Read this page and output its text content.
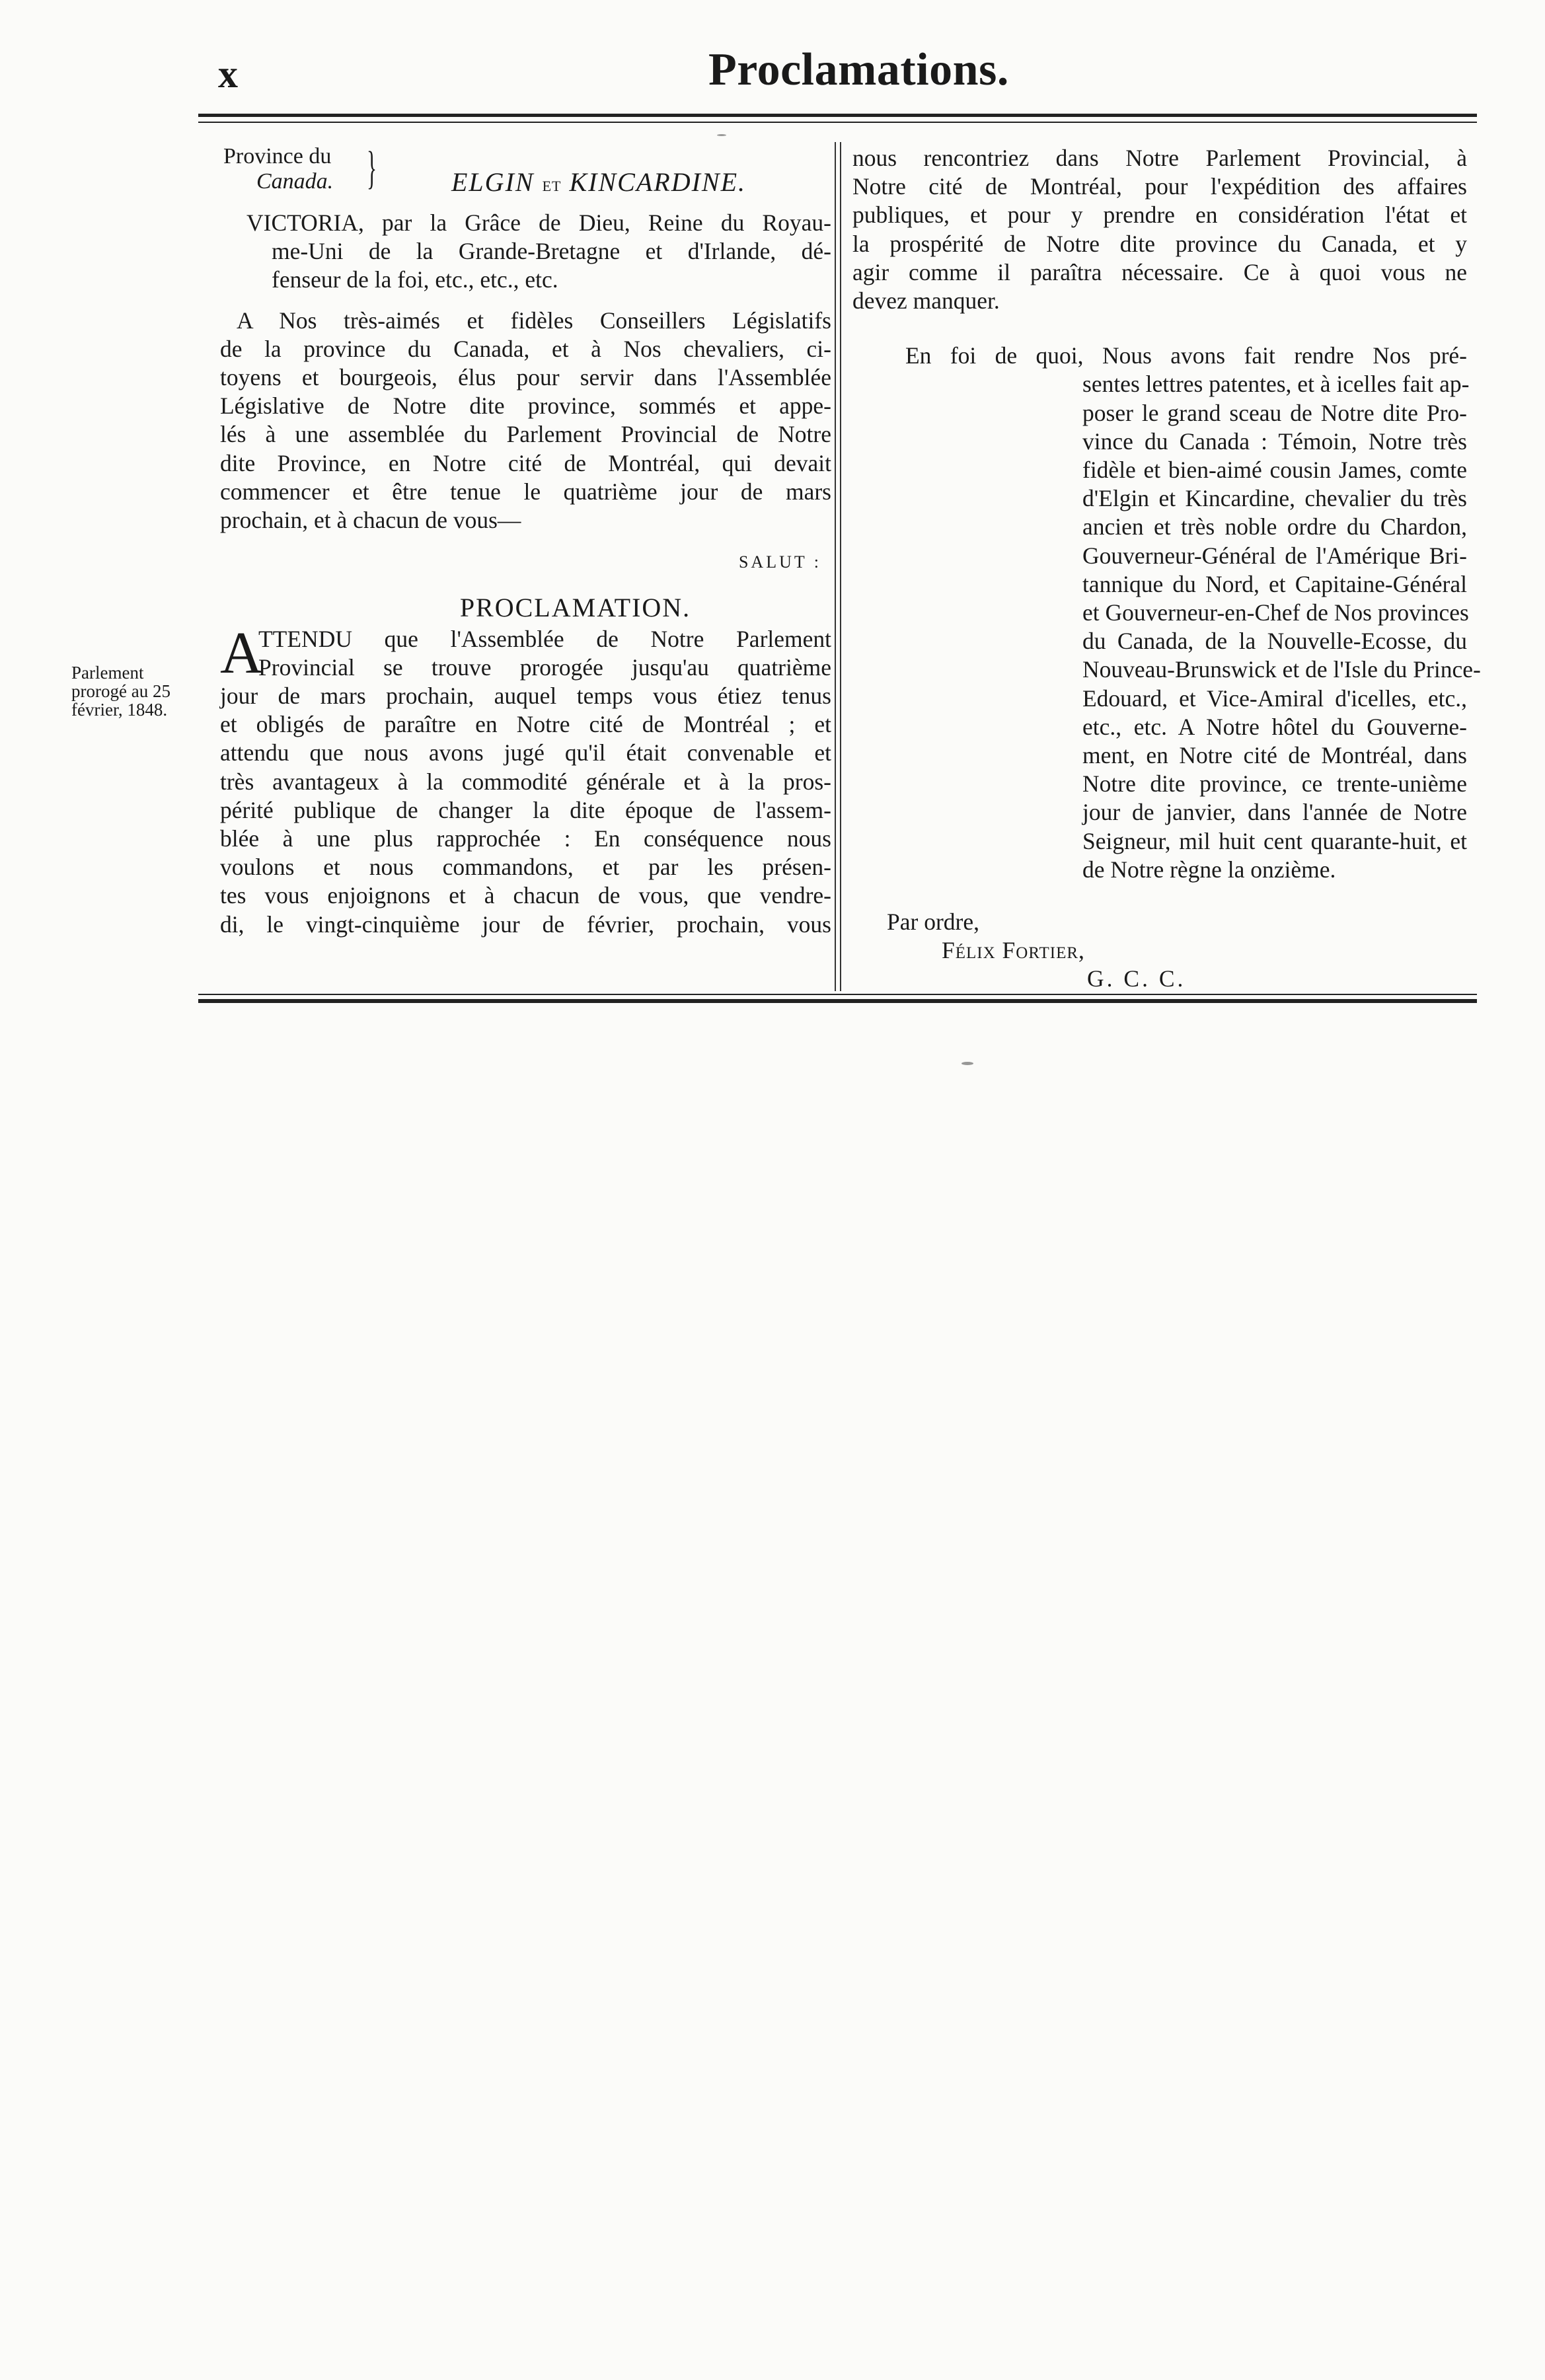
x	Proclamations.
Parlement
prorogé au 25
février, 1848.
Province du
Canada. }	ELGIN ET KINCARDINE.
VICTORIA, par la Grâce de Dieu, Reine du Royau-
me-Uni de la Grande-Bretagne et d'Irlande, dé-
fenseur de la foi, etc., etc., etc.
A Nos très-aimés et fidèles Conseillers Législatifs
de la province du Canada, et à Nos chevaliers, ci-
toyens et bourgeois, élus pour servir dans l'Assemblée
Législative de Notre dite province, sommés et appe-
lés à une assemblée du Parlement Provincial de Notre
dite Province, en Notre cité de Montréal, qui devait
commencer et être tenue le quatrième jour de mars
prochain, et à chacun de vous—
SALUT :
PROCLAMATION.
A
TTENDU que l'Assemblée de Notre Parlement
Provincial se trouve prorogée jusqu'au quatrième
jour de mars prochain, auquel temps vous étiez tenus
et obligés de paraître en Notre cité de Montréal ; et
attendu que nous avons jugé qu'il était convenable et
très avantageux à la commodité générale et à la pros-
périté publique de changer la dite époque de l'assem-
blée à une plus rapprochée : En conséquence nous
voulons et nous commandons, et par les présen-
tes vous enjoignons et à chacun de vous, que vendre-
di, le vingt-cinquième jour de février, prochain, vous
nous rencontriez dans Notre Parlement Provincial, à
Notre cité de Montréal, pour l'expédition des affaires
publiques, et pour y prendre en considération l'état et
la prospérité de Notre dite province du Canada, et y
agir comme il paraîtra nécessaire. Ce à quoi vous ne
devez manquer.
En foi de quoi, Nous avons fait rendre Nos pré-
sentes lettres patentes, et à icelles fait ap-
poser le grand sceau de Notre dite Pro-
vince du Canada : Témoin, Notre très
fidèle et bien-aimé cousin James, comte
d'Elgin et Kincardine, chevalier du très
ancien et très noble ordre du Chardon,
Gouverneur-Général de l'Amérique Bri-
tannique du Nord, et Capitaine-Général
et Gouverneur-en-Chef de Nos provinces
du Canada, de la Nouvelle-Ecosse, du
Nouveau-Brunswick et de l'Isle du Prince-
Edouard, et Vice-Amiral d'icelles, etc.,
etc., etc. A Notre hôtel du Gouverne-
ment, en Notre cité de Montréal, dans
Notre dite province, ce trente-unième
jour de janvier, dans l'année de Notre
Seigneur, mil huit cent quarante-huit, et
de Notre règne la onzième.
Par ordre,
Félix Fortier,
G. C. C.
